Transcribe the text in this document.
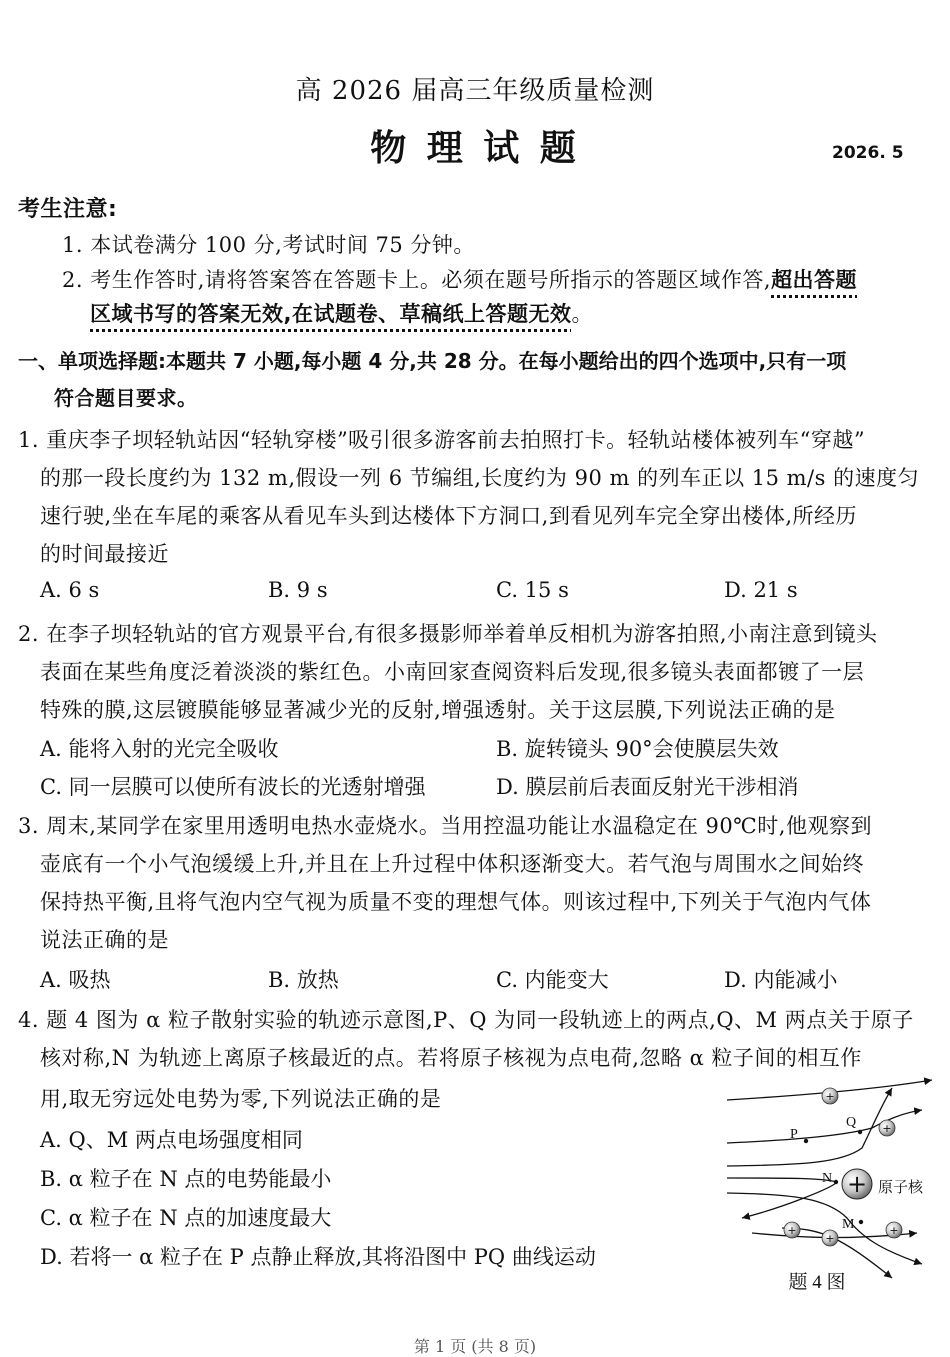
高 2026 届高三年级质量检测
物 理 试 题	2026. 5
考生注意:
1. 本试卷满分 100 分,考试时间 75 分钟。
2. 考生作答时,请将答案答在答题卡上。必须在题号所指示的答题区域作答,超出答题
区域书写的答案无效,在试题卷、草稿纸上答题无效。
一、单项选择题:本题共 7 小题,每小题 4 分,共 28 分。在每小题给出的四个选项中,只有一项
符合题目要求。
1. 重庆李子坝轻轨站因“轻轨穿楼”吸引很多游客前去拍照打卡。轻轨站楼体被列车“穿越”
的那一段长度约为 132 m,假设一列 6 节编组,长度约为 90 m 的列车正以 15 m/s 的速度匀
速行驶,坐在车尾的乘客从看见车头到达楼体下方洞口,到看见列车完全穿出楼体,所经历
的时间最接近
A. 6 s	B. 9 s	C. 15 s	D. 21 s
2. 在李子坝轻轨站的官方观景平台,有很多摄影师举着单反相机为游客拍照,小南注意到镜头
表面在某些角度泛着淡淡的紫红色。小南回家查阅资料后发现,很多镜头表面都镀了一层
特殊的膜,这层镀膜能够显著减少光的反射,增强透射。关于这层膜,下列说法正确的是
A. 能将入射的光完全吸收	B. 旋转镜头 90°会使膜层失效
C. 同一层膜可以使所有波长的光透射增强	D. 膜层前后表面反射光干涉相消
3. 周末,某同学在家里用透明电热水壶烧水。当用控温功能让水温稳定在 90℃时,他观察到
壶底有一个小气泡缓缓上升,并且在上升过程中体积逐渐变大。若气泡与周围水之间始终
保持热平衡,且将气泡内空气视为质量不变的理想气体。则该过程中,下列关于气泡内气体
说法正确的是
A. 吸热	B. 放热	C. 内能变大	D. 内能减小
4. 题 4 图为 α 粒子散射实验的轨迹示意图,P、Q 为同一段轨迹上的两点,Q、M 两点关于原子
核对称,N 为轨迹上离原子核最近的点。若将原子核视为点电荷,忽略 α 粒子间的相互作
用,取无穷远处电势为零,下列说法正确的是
A. Q、M 两点电场强度相同
B. α 粒子在 N 点的电势能最小
C. α 粒子在 N 点的加速度最大
D. 若将一 α 粒子在 P 点静止释放,其将沿图中 PQ 曲线运动
+
+
+
+
+
+
P
Q
N
M
原子核
题 4 图
第 1 页 (共 8 页)
